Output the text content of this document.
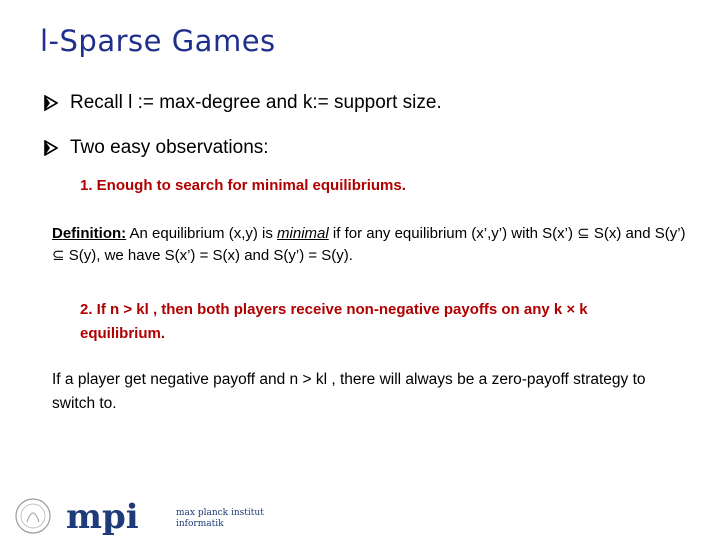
l-Sparse Games
Recall l := max-degree and k:= support size.
Two easy observations:
1. Enough to search for minimal equilibriums.
Definition: An equilibrium (x,y) is minimal if for any equilibrium (x’,y’) with S(x’) ⊆ S(x) and S(y’) ⊆ S(y), we have S(x’) = S(x) and S(y’) = S(y).
2. If n > kl , then both players receive non-negative payoffs on any k × k equilibrium.
If a player get negative payoff and n > kl , there will always be a zero-payoff strategy to switch to.
mpi	max planck institut
informatik
